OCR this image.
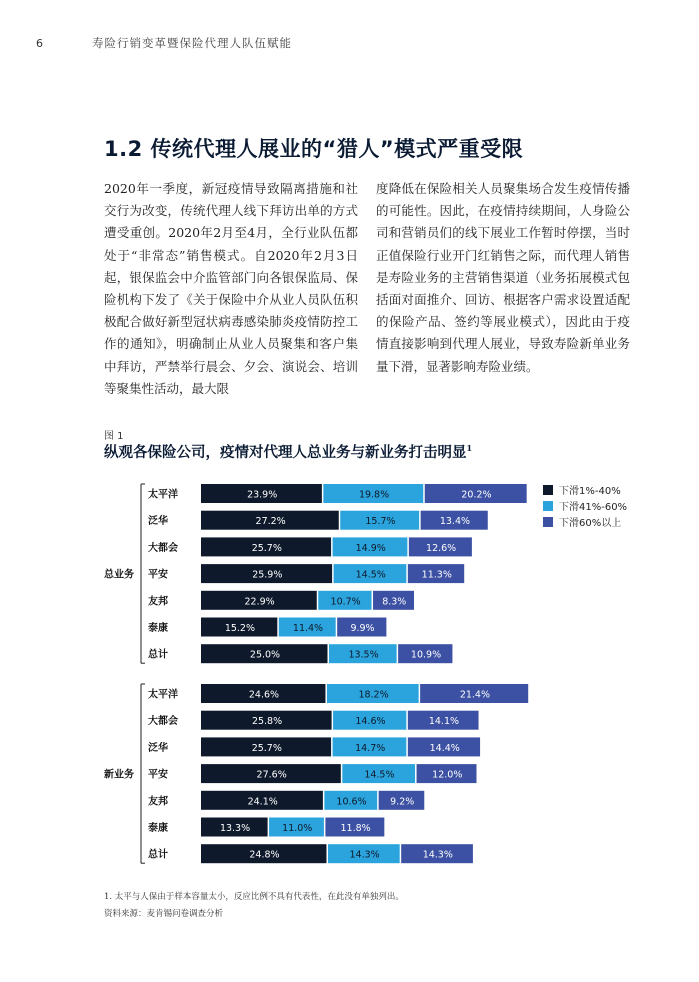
6	寿险行销变革暨保险代理人队伍赋能
1.2 传统代理人展业的“猎人”模式严重受限
2020年一季度，新冠疫情导致隔离措施和社交行为改变，传统代理人线下拜访出单的方式遭受重创。2020年2月至4月，全行业队伍都处于“非常态”销售模式。自2020年2月3日起，银保监会中介监管部门向各银保监局、保险机构下发了《关于保险中介从业人员队伍积极配合做好新型冠状病毒感染肺炎疫情防控工作的通知》，明确制止从业人员聚集和客户集中拜访，严禁举行晨会、夕会、演说会、培训等聚集性活动，最大限
度降低在保险相关人员聚集场合发生疫情传播的可能性。因此，在疫情持续期间，人身险公司和营销员们的线下展业工作暂时停摆，当时正值保险行业开门红销售之际，而代理人销售是寿险业务的主营销售渠道（业务拓展模式包括面对面推介、回访、根据客户需求设置适配的保险产品、签约等展业模式），因此由于疫情直接影响到代理人展业，导致寿险新单业务量下滑，显著影响寿险业绩。
图 1
纵观各保险公司，疫情对代理人总业务与新业务打击明显$^1$
总业务
太平洋	23.9%	19.8%	20.2%
泛华	27.2%	15.7%	13.4%
大都会	25.7%	14.9%	12.6%
平安	25.9%	14.5%	11.3%
友邦	22.9%	10.7% 8.3%
泰康	15.2%	11.4%	9.9%
总计	25.0%	13.5%	10.9%
新业务
太平洋	24.6%	18.2%	21.4%
大都会	25.8%	14.6%	14.1%
泛华	25.7%	14.7%	14.4%
平安	27.6%	14.5%	12.0%
友邦	24.1%	10.6% 9.2%
泰康	13.3%	11.0%	11.8%
总计	24.8%	14.3%	14.3%
下滑1%-40%
下滑41%-60%
下滑60%以上
1. 太平与人保由于样本容量太小，反应比例不具有代表性，在此没有单独列出。
资料来源：麦肯锡问卷调查分析
